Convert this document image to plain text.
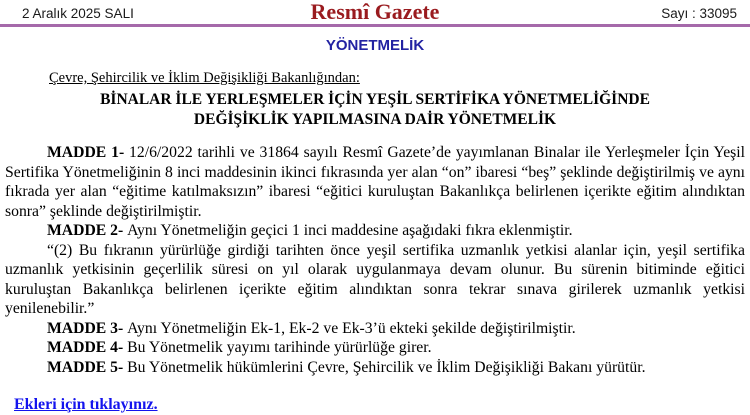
2 Aralık 2025 SALI	Resmî Gazete	Sayı : 33095
YÖNETMELİK
Çevre, Şehircilik ve İklim Değişikliği Bakanlığından:
BİNALAR İLE YERLEŞMELER İÇİN YEŞİL SERTİFİKA YÖNETMELİĞİNDE
DEĞİŞİKLİK YAPILMASINA DAİR YÖNETMELİK

MADDE 1- 12/6/2022 tarihli ve 31864 sayılı Resmî Gazete’de yayımlanan Binalar ile Yerleşmeler İçin Yeşil Sertifika Yönetmeliğinin 8 inci maddesinin ikinci fıkrasında yer alan “on” ibaresi “beş” şeklinde değiştirilmiş ve aynı fıkrada yer alan “eğitime katılmaksızın” ibaresi “eğitici kuruluştan Bakanlıkça belirlenen içerikte eğitim alındıktan sonra” şeklinde değiştirilmiştir.

MADDE 2- Aynı Yönetmeliğin geçici 1 inci maddesine aşağıdaki fıkra eklenmiştir.

“(2) Bu fıkranın yürürlüğe girdiği tarihten önce yeşil sertifika uzmanlık yetkisi alanlar için, yeşil sertifika uzmanlık yetkisinin geçerlilik süresi on yıl olarak uygulanmaya devam olunur. Bu sürenin bitiminde eğitici kuruluştan Bakanlıkça belirlenen içerikte eğitim alındıktan sonra tekrar sınava girilerek uzmanlık yetkisi yenilenebilir.”

MADDE 3- Aynı Yönetmeliğin Ek-1, Ek-2 ve Ek-3’ü ekteki şekilde değiştirilmiştir.

MADDE 4- Bu Yönetmelik yayımı tarihinde yürürlüğe girer.

MADDE 5- Bu Yönetmelik hükümlerini Çevre, Şehircilik ve İklim Değişikliği Bakanı yürütür.

Ekleri için tıklayınız.
